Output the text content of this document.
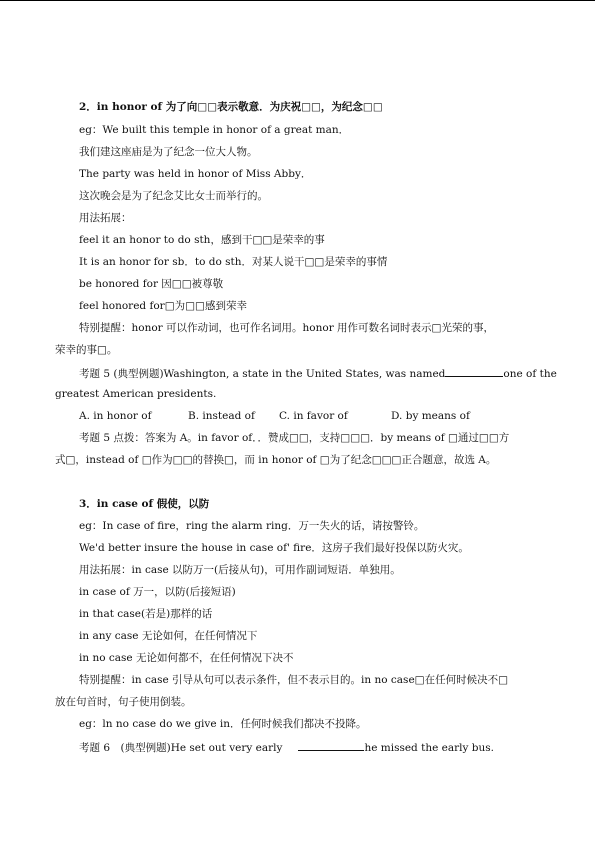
2．in honor of 为了向□□表示敬意．为庆祝□□，为纪念□□
eg：We built this temple in honor of a great man．
我们建这座庙是为了纪念一位大人物。
The party was held in honor of Miss Abby．
这次晚会是为了纪念艾比女士而举行的。
用法拓展：
feel it an honor to do sth，感到干□□是荣幸的事
It is an honor for sb．to do sth．对某人说干□□是荣幸的事情
be honored for 因□□被尊敬
feel honored for□为□□感到荣幸
特别提醒：honor 可以作动词，也可作名词用。honor 用作可数名词时表示□光荣的事，
荣幸的事□。
考题 5 (典型例题)Washington, a state in the United States, was named	one of the
greatest American presidents.
A. in honor of	B. instead of C. in favor of	D. by means of
考题 5 点拨：答案为 A。in favor of．．赞成□□，支持□□□．by means of □通过□□方
式□，instead of □作为□□的替换□，而 in honor of □为了纪念□□□正合题意，故选 A。
3．in case of 假使，以防
eg：In case of fire，ring the alarm ring．万一失火的话，请按警铃。
We'd better insure the house in case of' fire．这房子我们最好投保以防火灾。
用法拓展：in case 以防万一(后接从句)，可用作副词短语．单独用。
in case of 万一，以防(后接短语)
in that case(若是)那样的话
in any case 无论如何，在任何情况下
in no case 无论如何都不，在任何情况下决不
特别提醒：in case 引导从句可以表示条件，但不表示目的。in no case□在任何时候决不□
放在句首时，句子使用倒装。
eg：ln no case do we give in．任何时候我们都决不投降。
考题 6　(典型例题)He set out very early	he missed the early bus.
